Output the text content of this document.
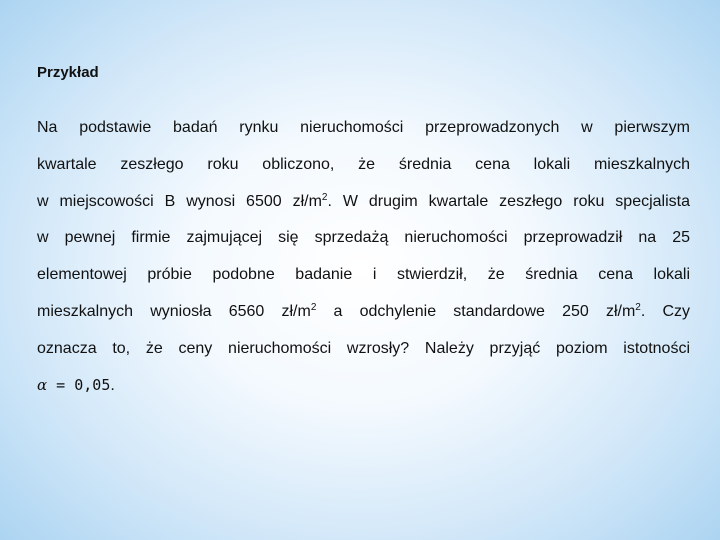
Przykład
Na podstawie badań rynku nieruchomości przeprowadzonych w pierwszym
kwartale zeszłego roku obliczono, że średnia cena lokali mieszkalnych
w miejscowości B wynosi 6500 $zł/m^2$. W drugim kwartale zeszłego roku specjalista
w pewnej firmie zajmującej się sprzedażą nieruchomości przeprowadził na 25
elementowej próbie podobne badanie i stwierdził, że średnia cena lokali
mieszkalnych wyniosła 6560 $zł/m^2$ a odchylenie standardowe 250 $zł/m^2$. Czy
oznacza to, że ceny nieruchomości wzrosły? Należy przyjąć poziom istotności
α = 0,05.
